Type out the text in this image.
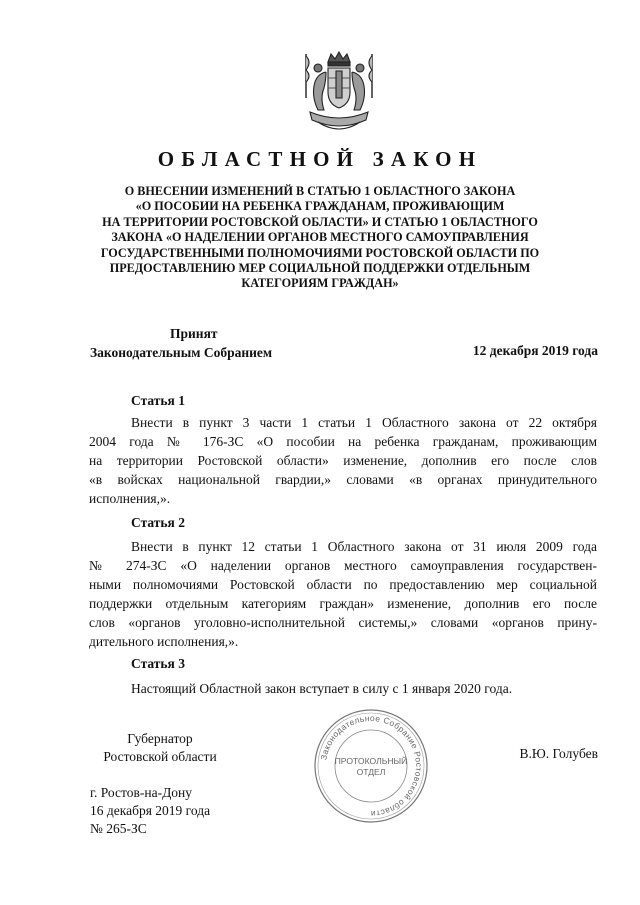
ОБЛАСТНОЙ ЗАКОН
О ВНЕСЕНИИ ИЗМЕНЕНИЙ В СТАТЬЮ 1 ОБЛАСТНОГО ЗАКОНА
«О ПОСОБИИ НА РЕБЕНКА ГРАЖДАНАМ, ПРОЖИВАЮЩИМ
НА ТЕРРИТОРИИ РОСТОВСКОЙ ОБЛАСТИ» И СТАТЬЮ 1 ОБЛАСТНОГО
ЗАКОНА «О НАДЕЛЕНИИ ОРГАНОВ МЕСТНОГО САМОУПРАВЛЕНИЯ
ГОСУДАРСТВЕННЫМИ ПОЛНОМОЧИЯМИ РОСТОВСКОЙ ОБЛАСТИ ПО
ПРЕДОСТАВЛЕНИЮ МЕР СОЦИАЛЬНОЙ ПОДДЕРЖКИ ОТДЕЛЬНЫМ
КАТЕГОРИЯМ ГРАЖДАН»
Принят
Законодательным Собранием	12 декабря 2019 года
Статья 1
Внести в пункт 3 части 1 статьи 1 Областного закона от 22 октября
2004 года № 176-ЗС «О пособии на ребенка гражданам, проживающим
на территории Ростовской области» изменение, дополнив его после слов
«в войсках национальной гвардии,» словами «в органах принудительного
исполнения,».
Статья 2
Внести в пункт 12 статьи 1 Областного закона от 31 июля 2009 года
№ 274-ЗС «О наделении органов местного самоуправления государствен-
ными полномочиями Ростовской области по предоставлению мер социальной
поддержки отдельным категориям граждан» изменение, дополнив его после
слов «органов уголовно-исполнительной системы,» словами «органов прину-
дительного исполнения,».
Статья 3
Настоящий Областной закон вступает в силу с 1 января 2020 года.
Губернатор
Ростовской области	В.Ю. Голубев
г. Ростов-на-Дону
16 декабря 2019 года
№ 265-ЗС
Законодательное Собрание Ростовской области
ПРОТОКОЛЬНЫЙ
ОТДЕЛ
